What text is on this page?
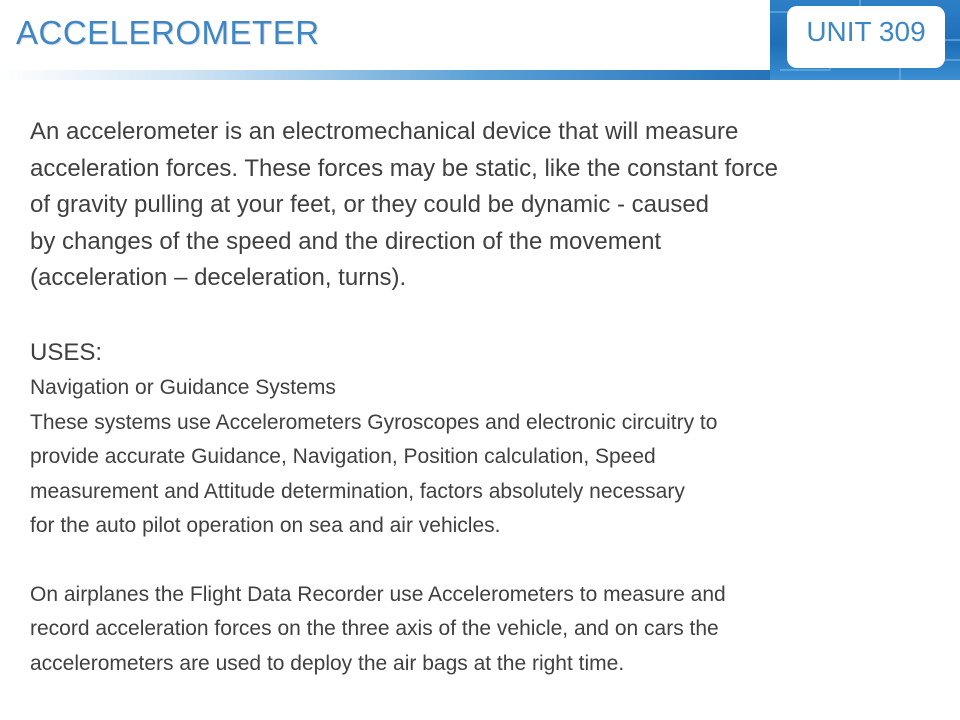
ACCELEROMETER	UNIT 309

An accelerometer is an electromechanical device that will measure

acceleration forces. These forces may be static, like the constant force

of gravity pulling at your feet, or they could be dynamic - caused

by changes of the speed and the direction of the movement

(acceleration – deceleration, turns).

USES:

Navigation or Guidance Systems

These systems use Accelerometers Gyroscopes and electronic circuitry to

provide accurate Guidance, Navigation, Position calculation, Speed

measurement and Attitude determination, factors absolutely necessary

for the auto pilot operation on sea and air vehicles.

On airplanes the Flight Data Recorder use Accelerometers to measure and

record acceleration forces on the three axis of the vehicle, and on cars the

accelerometers are used to deploy the air bags at the right time.
